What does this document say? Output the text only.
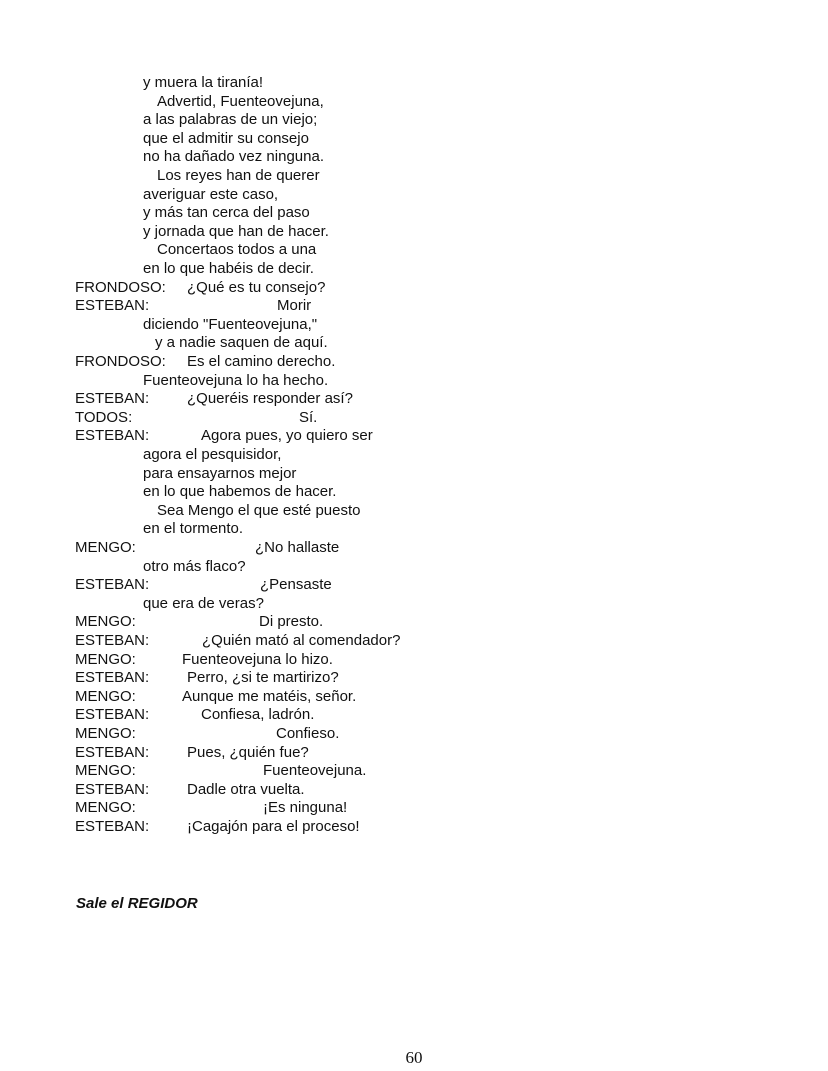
y muera la tiranía!
Advertid, Fuenteovejuna,
a las palabras de un viejo;
que el admitir su consejo
no ha dañado vez ninguna.
Los reyes han de querer
averiguar este caso,
y más tan cerca del paso
y jornada que han de hacer.
Concertaos todos a una
en lo que habéis de decir.
FRONDOSO: ¿Qué es tu consejo?
ESTEBAN:	Morir
diciendo "Fuenteovejuna,"
y a nadie saquen de aquí.
FRONDOSO: Es el camino derecho.
Fuenteovejuna lo ha hecho.
ESTEBAN:	¿Queréis responder así?
TODOS:	Sí.
ESTEBAN:	Agora pues, yo quiero ser
agora el pesquisidor,
para ensayarnos mejor
en lo que habemos de hacer.
Sea Mengo el que esté puesto
en el tormento.
MENGO:	¿No hallaste
otro más flaco?
ESTEBAN:	¿Pensaste
que era de veras?
MENGO:	Di presto.
ESTEBAN:	¿Quién mató al comendador?
MENGO:	Fuenteovejuna lo hizo.
ESTEBAN:	Perro, ¿si te martirizo?
MENGO:	Aunque me matéis, señor.
ESTEBAN:	Confiesa, ladrón.
MENGO:	Confieso.
ESTEBAN:	Pues, ¿quién fue?
MENGO:	Fuenteovejuna.
ESTEBAN:	Dadle otra vuelta.
MENGO:	¡Es ninguna!
ESTEBAN:	¡Cagajón para el proceso!
Sale el REGIDOR
60
